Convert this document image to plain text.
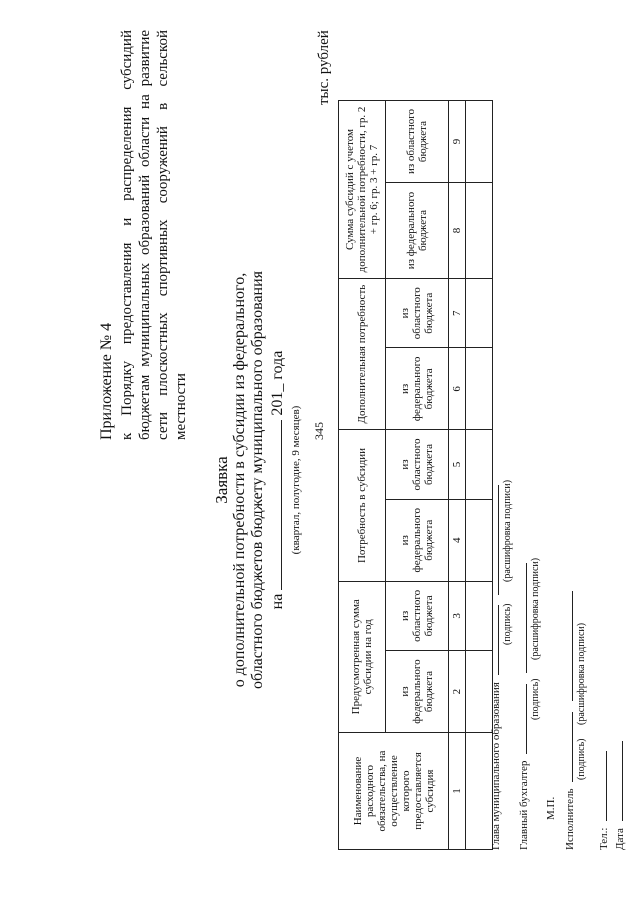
345
Приложение № 4 к Порядку предоставления и распределения субсидий бюджетам муниципальных образований области на развитие сети плоскостных спортивных сооружений в сельской местности
Заявка о дополнительной потребности в субсидии из федерального, областного бюджетов бюджету муниципального образования на  201_ года
(квартал, полугодие, 9 месяцев)
тыс. рублей
Наименование расходного обязательства, на осуществление которого предоставляется субсидия	Предусмотренная сумма субсидии на год		Потребность в субсидии		Дополнительная потребность		Сумма субсидий с учетом дополнительной потребности, гр. 2 + гр. 6; гр. 3 + гр. 7	
	из федерального бюджета	из областного бюджета	из федерального бюджета	из областного бюджета	из федерального бюджета	из областного бюджета	из федерального бюджета	из областного бюджета
1	2	3	4	5	6	7	8	9

Глава муниципального образования
(подпись)
(расшифровка подписи)
Главный бухгалтер
(подпись)
(расшифровка подписи)
М.П. Исполнитель
(подпись)
(расшифровка подписи)
Тел.: Дата
